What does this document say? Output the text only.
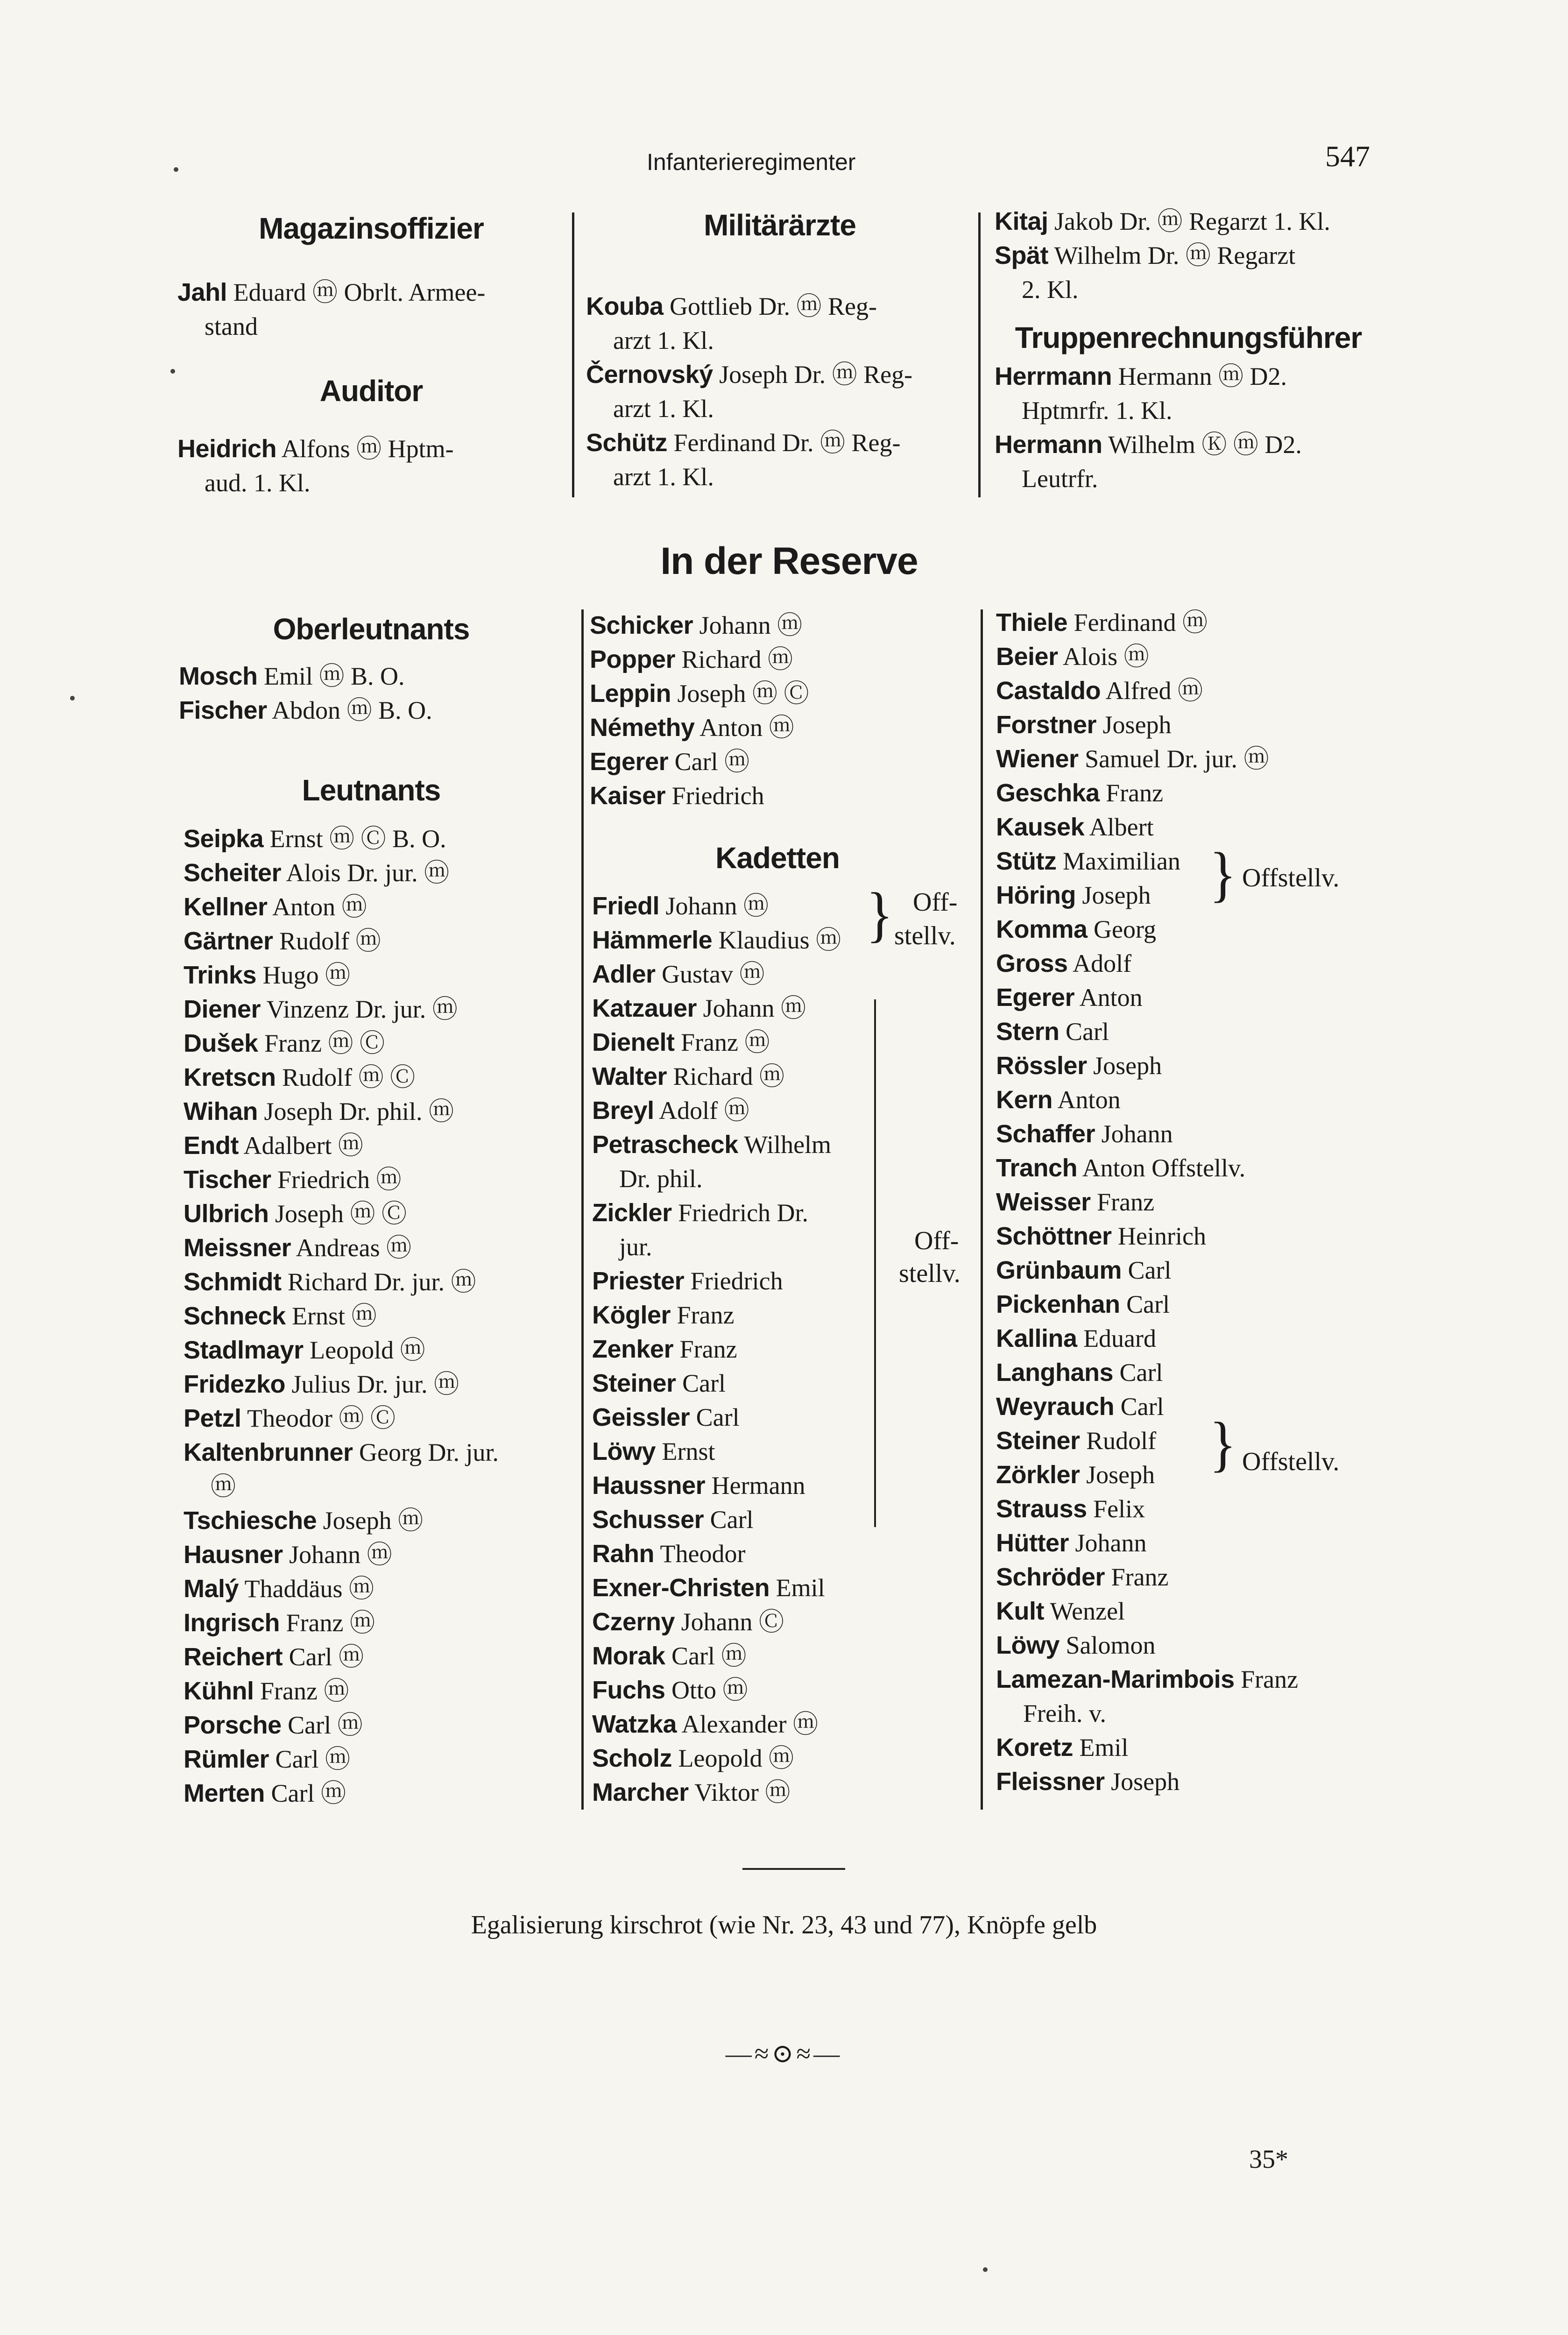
Infanterieregimenter	547
Magazinsoffizier
Jahl Eduard ⓜ Obrlt. Armee-
stand
Auditor
Heidrich Alfons ⓜ Hptm-
aud. 1. Kl.
Militärärzte
Kouba Gottlieb Dr. ⓜ Reg-
arzt 1. Kl.
Černovský Joseph Dr. ⓜ Reg-
arzt 1. Kl.
Schütz Ferdinand Dr. ⓜ Reg-
arzt 1. Kl.
Kitaj Jakob Dr. ⓜ Regarzt 1. Kl.
Spät Wilhelm Dr. ⓜ Regarzt
2. Kl.
Truppenrechnungsführer
Herrmann Hermann ⓜ D2.
Hptmrfr. 1. Kl.
Hermann Wilhelm Ⓚ ⓜ D2.
Leutrfr.
In der Reserve
Oberleutnants
Mosch Emil ⓜ B. O.
Fischer Abdon ⓜ B. O.
Leutnants
Seipka Ernst ⓜ Ⓒ B. O.
Scheiter Alois Dr. jur. ⓜ
Kellner Anton ⓜ
Gärtner Rudolf ⓜ
Trinks Hugo ⓜ
Diener Vinzenz Dr. jur. ⓜ
Dušek Franz ⓜ Ⓒ
Kretscn Rudolf ⓜ Ⓒ
Wihan Joseph Dr. phil. ⓜ
Endt Adalbert ⓜ
Tischer Friedrich ⓜ
Ulbrich Joseph ⓜ Ⓒ
Meissner Andreas ⓜ
Schmidt Richard Dr. jur. ⓜ
Schneck Ernst ⓜ
Stadlmayr Leopold ⓜ
Fridezko Julius Dr. jur. ⓜ
Petzl Theodor ⓜ Ⓒ
Kaltenbrunner Georg Dr. jur.
ⓜ
Tschiesche Joseph ⓜ
Hausner Johann ⓜ
Malý Thaddäus ⓜ
Ingrisch Franz ⓜ
Reichert Carl ⓜ
Kühnl Franz ⓜ
Porsche Carl ⓜ
Rümler Carl ⓜ
Merten Carl ⓜ
Schicker Johann ⓜ
Popper Richard ⓜ
Leppin Joseph ⓜ Ⓒ
Némethy Anton ⓜ
Egerer Carl ⓜ
Kaiser Friedrich
Kadetten
Friedl Johann ⓜ
Hämmerle Klaudius ⓜ
Adler Gustav ⓜ
Katzauer Johann ⓜ
Dienelt Franz ⓜ
Walter Richard ⓜ
Breyl Adolf ⓜ
Petrascheck Wilhelm
Dr. phil.
Zickler Friedrich Dr.
jur.
Priester Friedrich
Kögler Franz
Zenker Franz
Steiner Carl
Geissler Carl
Löwy Ernst
Haussner Hermann
Schusser Carl
Rahn Theodor
Exner-Christen Emil
Czerny Johann Ⓒ
Morak Carl ⓜ
Fuchs Otto ⓜ
Watzka Alexander ⓜ
Scholz Leopold ⓜ
Marcher Viktor ⓜ
} Off-
stellv.
Off-
stellv.
Thiele Ferdinand ⓜ
Beier Alois ⓜ
Castaldo Alfred ⓜ
Forstner Joseph
Wiener Samuel Dr. jur. ⓜ
Geschka Franz
Kausek Albert
Stütz Maximilian
Höring Joseph
Komma Georg
Gross Adolf
Egerer Anton
Stern Carl
Rössler Joseph
Kern Anton
Schaffer Johann
Tranch Anton Offstellv.
Weisser Franz
Schöttner Heinrich
Grünbaum Carl
Pickenhan Carl
Kallina Eduard
Langhans Carl
Weyrauch Carl
Steiner Rudolf
Zörkler Joseph
Strauss Felix
Hütter Johann
Schröder Franz
Kult Wenzel
Löwy Salomon
Lamezan-Marimbois Franz
Freih. v.
Koretz Emil
Fleissner Joseph
} Offstellv.
} Offstellv.
Egalisierung kirschrot (wie Nr. 23, 43 und 77), Knöpfe gelb
—≈⊙≈—
35*
